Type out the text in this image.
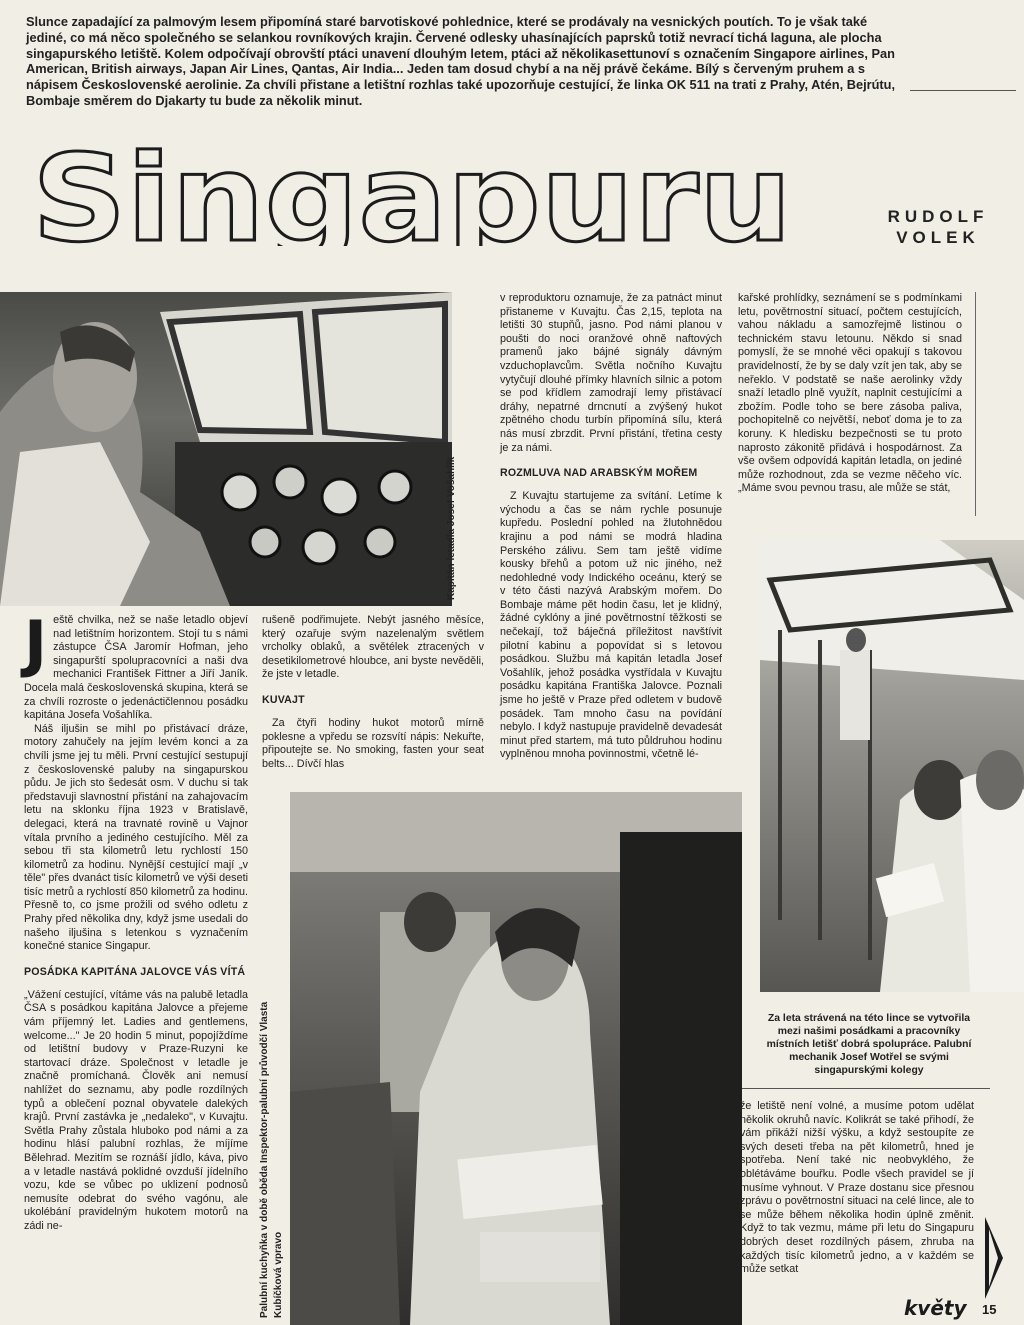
Slunce zapadající za palmovým lesem připomíná staré barvotiskové pohlednice, které se prodávaly na vesnických poutích. To je však také jediné, co má něco společného se selankou rovníkových krajin. Červené odlesky uhasínajících paprsků totiž nevrací tichá laguna, ale plocha singapurského letiště. Kolem odpočívají obrovští ptáci unavení dlouhým letem, ptáci až několikasettunoví s označením Singapore airlines, Pan American, British airways, Japan Air Lines, Qantas, Air India... Jeden tam dosud chybí a na něj právě čekáme. Bílý s červeným pruhem a s nápisem Československé aerolinie. Za chvíli přistane a letištní rozhlas také upozorňuje cestující, že linka OK 511 na trati z Prahy, Atén, Bejrútu, Bombaje směrem do Djakarty tu bude za několik minut.
Singapuru	RUDOLF
VOLEK
Kapitán letadla Josef Vošahlík
J eště chvilka, než se naše letadlo objeví nad letištním horizontem. Stojí tu s námi zástupce ČSA Jaromír Hofman, jeho singapurští spolupracovníci a naši dva mechanici František Fittner a Jiří Janík. Docela malá československá skupina, která se za chvíli rozroste o jedenáctičlennou posádku kapitána Josefa Vošahlíka.

Náš iljušin se mihl po přistávací dráze, motory zahučely na jejím levém konci a za chvíli jsme jej tu měli. První cestující sestupují z československé paluby na singapurskou půdu. Je jich sto šedesát osm. V duchu si tak představuji slavnostní přistání na zahajovacím letu na sklonku října 1923 v Bratislavě, delegaci, která na travnaté rovině u Vajnor vítala prvního a jediného cestujícího. Měl za sebou tři sta kilometrů letu rychlostí 150 kilometrů za hodinu. Nynější cestující mají „v těle" přes dvanáct tisíc kilometrů ve výši deseti tisíc metrů a rychlostí 850 kilometrů za hodinu. Přesně to, co jsme prožili od svého odletu z Prahy před několika dny, když jsme usedali do našeho iljušina s letenkou s vyznačením konečné stanice Singapur.

POSÁDKA KAPITÁNA JALOVCE VÁS VÍTÁ

„Vážení cestující, vítáme vás na palubě letadla ČSA s posádkou kapitána Jalovce a přejeme vám příjemný let. Ladies and gentlemens, welcome..." Je 20 hodin 5 minut, popojíždíme od letištní budovy v Praze-Ruzyni ke startovací dráze. Společnost v letadle je značně promíchaná. Člověk ani nemusí nahlížet do seznamu, aby podle rozdílných typů a oblečení poznal obyvatele dalekých krajů. První zastávka je „nedaleko", v Kuvajtu. Světla Prahy zůstala hluboko pod námi a za hodinu hlásí palubní rozhlas, že míjíme Bělehrad. Mezitím se roznáší jídlo, káva, pivo a v letadle nastává poklidné ovzduší jídelního vozu, kde se vůbec po uklizení podnosů nemusíte odebrat do svého vagónu, ale ukolébání pravidelným hukotem motorů na zádi ne-

rušeně podřimujete. Nebýt jasného měsíce, který ozařuje svým nazelenalým světlem vrcholky oblaků, a světélek ztracených v desetikilometrové hloubce, ani byste nevěděli, že jste v letadle.

KUVAJT

Za čtyři hodiny hukot motorů mírně poklesne a vpředu se rozsvítí nápis: Nekuřte, připoutejte se. No smoking, fasten your seat belts... Dívčí hlas

v reproduktoru oznamuje, že za patnáct minut přistaneme v Kuvajtu. Čas 2,15, teplota na letišti 30 stupňů, jasno. Pod námi planou v poušti do noci oranžové ohně naftových pramenů jako bájné signály dávným vzduchoplavcům. Světla nočního Kuvajtu vytyčují dlouhé přímky hlavních silnic a potom se pod křídlem zamodrají lemy přistávací dráhy, nepatrné drncnutí a zvýšený hukot zpětného chodu turbín připomíná sílu, která nás musí zbrzdit. První přistání, třetina cesty je za námi.

ROZMLUVA NAD ARABSKÝM MOŘEM

Z Kuvajtu startujeme za svítání. Letíme k východu a čas se nám rychle posunuje kupředu. Poslední pohled na žlutohnědou krajinu a pod námi se modrá hladina Perského zálivu. Sem tam ještě vidíme kousky břehů a potom už nic jiného, než nedohledné vody Indického oceánu, který se v této části nazývá Arabským mořem. Do Bombaje máme pět hodin času, let je klidný, žádné cyklóny a jiné povětrnostní těžkosti se nečekají, tož báječná příležitost navštívit pilotní kabinu a popovídat si s letovou posádkou. Službu má kapitán letadla Josef Vošahlík, jehož posádka vystřídala v Kuvajtu posádku kapitána Františka Jalovce. Poznali jsme ho ještě v Praze před odletem v budově posádek. Tam mnoho času na povídání nebylo. I když nastupuje pravidelně devadesát minut před startem, má tuto půldruhou hodinu vyplněnou mnoha povinnostmi, včetně lé-

kařské prohlídky, seznámení se s podmínkami letu, povětrnostní situací, počtem cestujících, vahou nákladu a samozřejmě listinou o technickém stavu letounu. Někdo si snad pomyslí, že se mnohé věci opakují s takovou pravidelností, že by se daly vzít jen tak, aby se neřeklo. V podstatě se naše aerolinky vždy snaží letadlo plně využít, naplnit cestujícími a zbožím. Podle toho se bere zásoba paliva, pochopitelně co největší, neboť doma je to za koruny. K hledisku bezpečnosti se tu proto naprosto zákonitě přidává i hospodárnost. Za vše ovšem odpovídá kapitán letadla, on jediné může rozhodnout, zda se vezme něčeho víc. „Máme svou pevnou trasu, ale může se stát,

Za leta strávená na této lince se vytvořila mezi našimi posádkami a pracovníky místních letišť dobrá spolupráce. Palubní mechanik Josef Wotřel se svými singapurskými kolegy
Palubní kuchyňka v době oběda Inspektor-palubní průvodčí Vlasta Kubíčková vpravo

že letiště není volné, a musíme potom udělat několik okruhů navíc. Kolikrát se také přihodí, že vám přikáží nižší výšku, a když sestoupíte ze svých deseti třeba na pět kilometrů, hned je spotřeba. Není také nic neobvyklého, že oblétáváme bouřku. Podle všech pravidel se jí musíme vyhnout. V Praze dostanu sice přesnou zprávu o povětrnostní situaci na celé lince, ale to se může během několika hodin úplně změnit. Když to tak vezmu, máme při letu do Singapuru dobrých deset rozdílných pásem, zhruba na každých tisíc kilometrů jedno, a v každém se může setkat

květy 15
